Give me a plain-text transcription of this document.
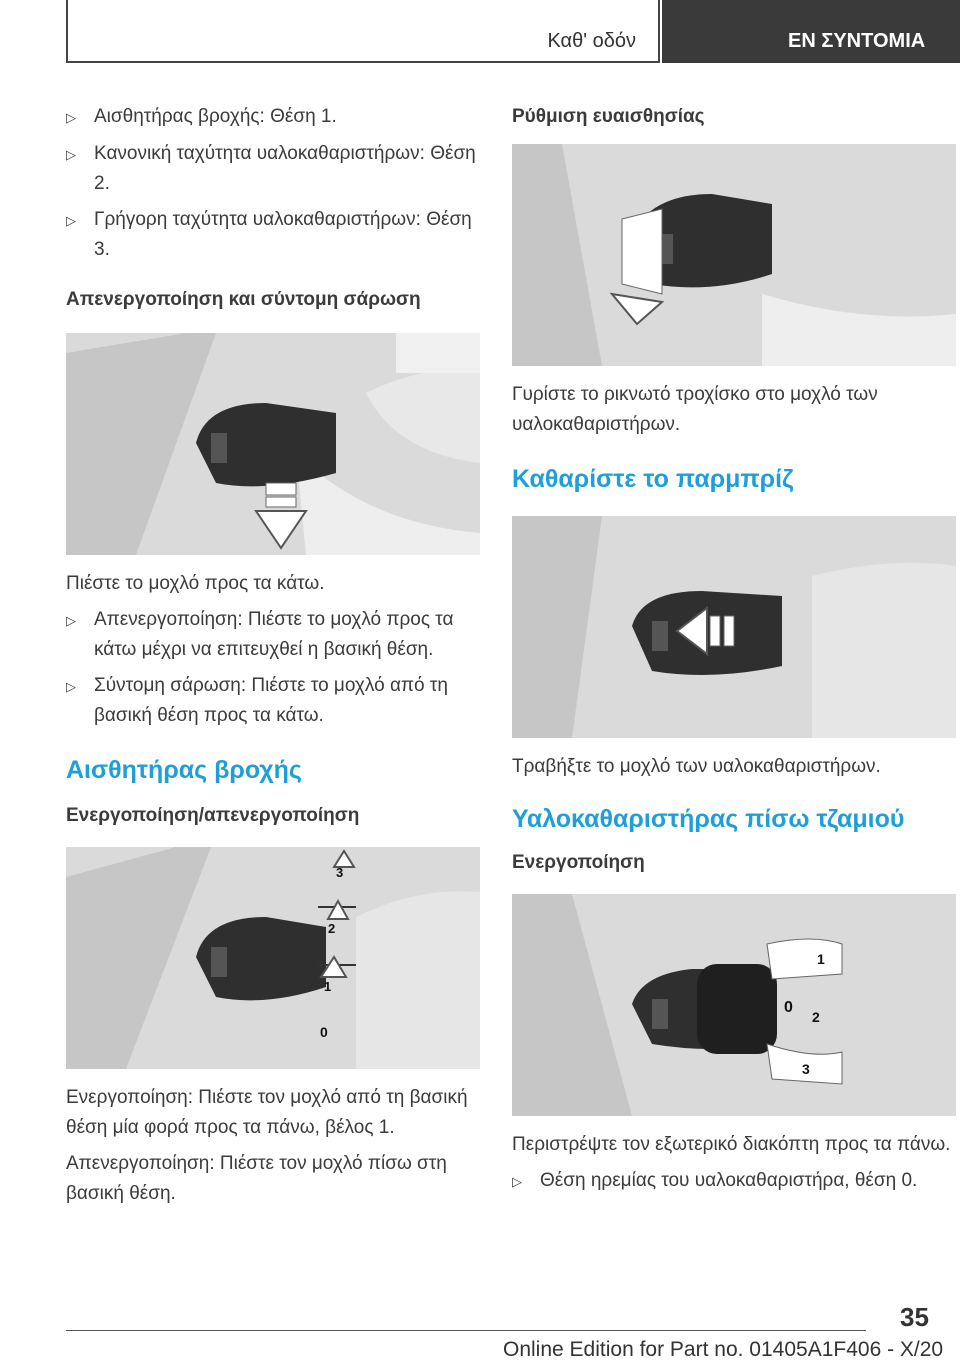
Καθ' οδόν	EN ΣΥΝΤΟΜΙΑ
▷ Αισθητήρας βροχής: Θέση 1.
▷ Κανονική ταχύτητα υαλοκαθαριστήρων: Θέση 2.
▷ Γρήγορη ταχύτητα υαλοκαθαριστήρων: Θέση 3.

Απενεργοποίηση και σύντομη σάρωση

Πιέστε το μοχλό προς τα κάτω.

▷ Απενεργοποίηση: Πιέστε το μοχλό προς τα κάτω μέχρι να επιτευχθεί η βασική θέση.
▷ Σύντομη σάρωση: Πιέστε το μοχλό από τη βασική θέση προς τα κάτω.
Αισθητήρας βροχής

Ενεργοποίηση/απενεργοποίηση

3
2
1
0

Ενεργοποίηση: Πιέστε τον μοχλό από τη βασική θέση μία φορά προς τα πάνω, βέλος 1.

Απενεργοποίηση: Πιέστε τον μοχλό πίσω στη βασική θέση.

Ρύθμιση ευαισθησίας

Γυρίστε το ρικνωτό τροχίσκο στο μοχλό των υαλοκαθαριστήρων.

Καθαρίστε το παρμπρίζ

Τραβήξτε το μοχλό των υαλοκαθαριστήρων.

Υαλοκαθαριστήρας πίσω τζαμιού

Ενεργοποίηση

1
0
2
3

Περιστρέψτε τον εξωτερικό διακόπτη προς τα πάνω.

▷ Θέση ηρεμίας του υαλοκαθαριστήρα, θέση 0.
35
Online Edition for Part no. 01405A1F406 - X/20
